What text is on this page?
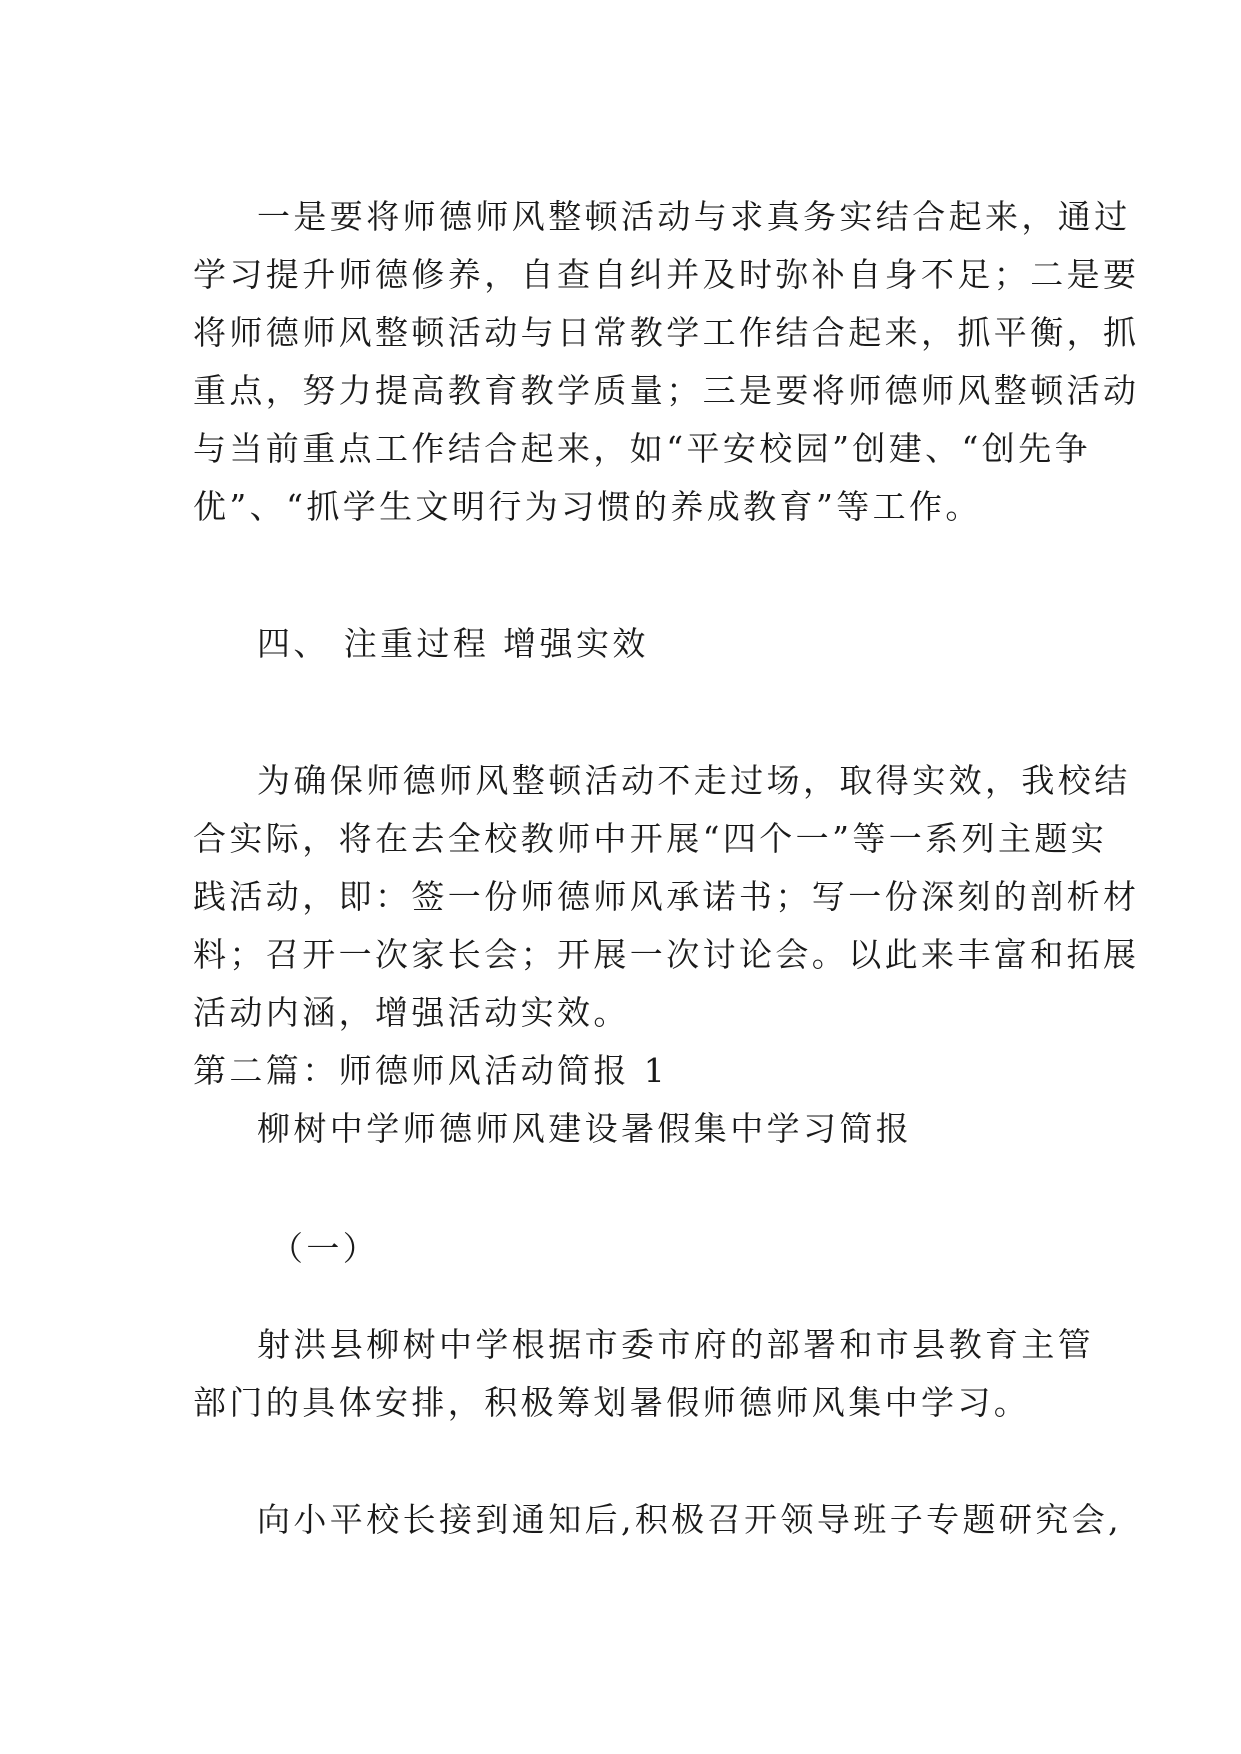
一是要将师德师风整顿活动与求真务实结合起来，通过
学习提升师德修养，自查自纠并及时弥补自身不足；二是要
将师德师风整顿活动与日常教学工作结合起来，抓平衡，抓
重点，努力提高教育教学质量；三是要将师德师风整顿活动
与当前重点工作结合起来，如“平安校园”创建、“创先争
优”、“抓学生文明行为习惯的养成教育”等工作。
四、 注重过程 增强实效
为确保师德师风整顿活动不走过场，取得实效，我校结
合实际，将在去全校教师中开展“四个一”等一系列主题实
践活动，即：签一份师德师风承诺书；写一份深刻的剖析材
料；召开一次家长会；开展一次讨论会。以此来丰富和拓展
活动内涵，增强活动实效。
第二篇：师德师风活动简报 1
柳树中学师德师风建设暑假集中学习简报
（一）
射洪县柳树中学根据市委市府的部署和市县教育主管
部门的具体安排，积极筹划暑假师德师风集中学习。
向小平校长接到通知后,积极召开领导班子专题研究会,
